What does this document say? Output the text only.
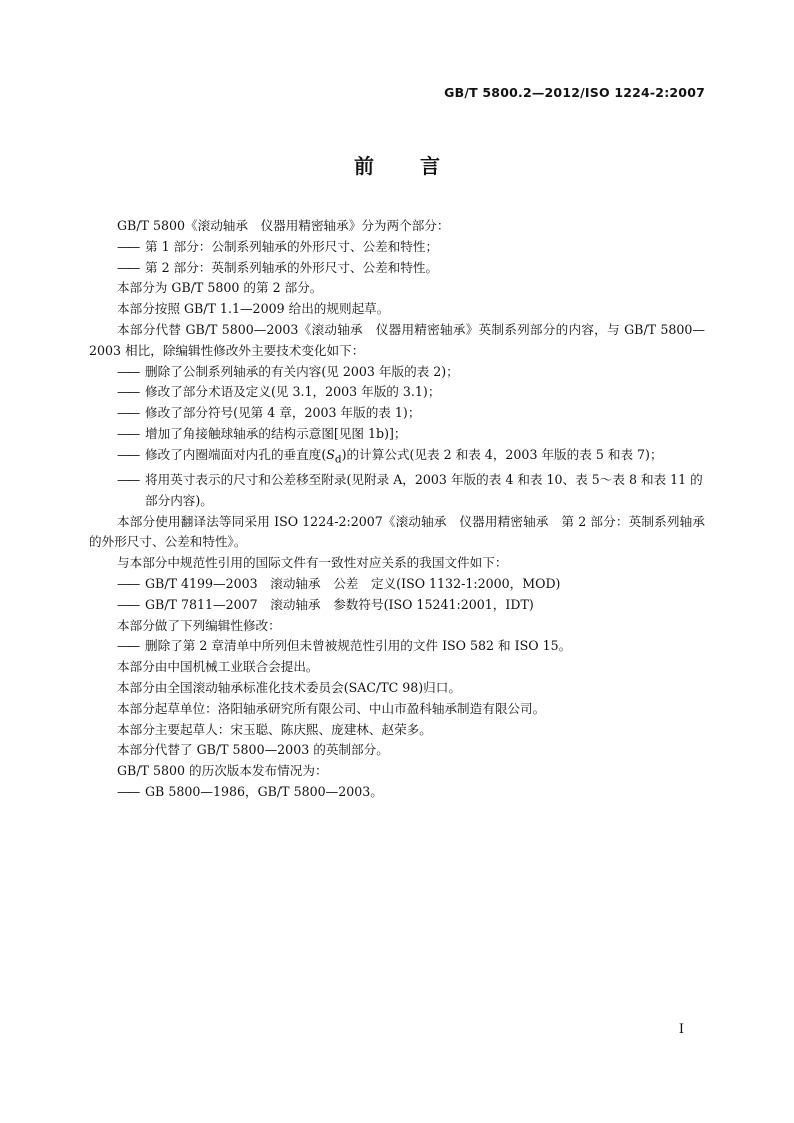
GB/T 5800.2—2012/ISO 1224-2:2007
前言

GB/T 5800《滚动轴承　仪器用精密轴承》分为两个部分：

—— 第 1 部分：公制系列轴承的外形尺寸、公差和特性；

—— 第 2 部分：英制系列轴承的外形尺寸、公差和特性。

本部分为 GB/T 5800 的第 2 部分。

本部分按照 GB/T 1.1—2009 给出的规则起草。

本部分代替 GB/T 5800—2003《滚动轴承　仪器用精密轴承》英制系列部分的内容，与 GB/T 5800—2003 相比，除编辑性修改外主要技术变化如下：

—— 删除了公制系列轴承的有关内容(见 2003 年版的表 2)；

—— 修改了部分术语及定义(见 3.1，2003 年版的 3.1)；

—— 修改了部分符号(见第 4 章，2003 年版的表 1)；

—— 增加了角接触球轴承的结构示意图[见图 1b)]；

—— 修改了内圈端面对内孔的垂直度$(S_d)$的计算公式(见表 2 和表 4，2003 年版的表 5 和表 7)；

—— 将用英寸表示的尺寸和公差移至附录(见附录 A，2003 年版的表 4 和表 10、表 5～表 8 和表 11 的部分内容)。

本部分使用翻译法等同采用 ISO 1224-2:2007《滚动轴承　仪器用精密轴承　第 2 部分：英制系列轴承的外形尺寸、公差和特性》。

与本部分中规范性引用的国际文件有一致性对应关系的我国文件如下：

—— GB/T 4199—2003　滚动轴承　公差　定义(ISO 1132-1:2000，MOD)

—— GB/T 7811—2007　滚动轴承　参数符号(ISO 15241:2001，IDT)

本部分做了下列编辑性修改：

—— 删除了第 2 章清单中所列但未曾被规范性引用的文件 ISO 582 和 ISO 15。

本部分由中国机械工业联合会提出。

本部分由全国滚动轴承标准化技术委员会(SAC/TC 98)归口。

本部分起草单位：洛阳轴承研究所有限公司、中山市盈科轴承制造有限公司。

本部分主要起草人：宋玉聪、陈庆熙、庞建林、赵荣多。

本部分代替了 GB/T 5800—2003 的英制部分。

GB/T 5800 的历次版本发布情况为：

—— GB 5800—1986，GB/T 5800—2003。

Ⅰ
